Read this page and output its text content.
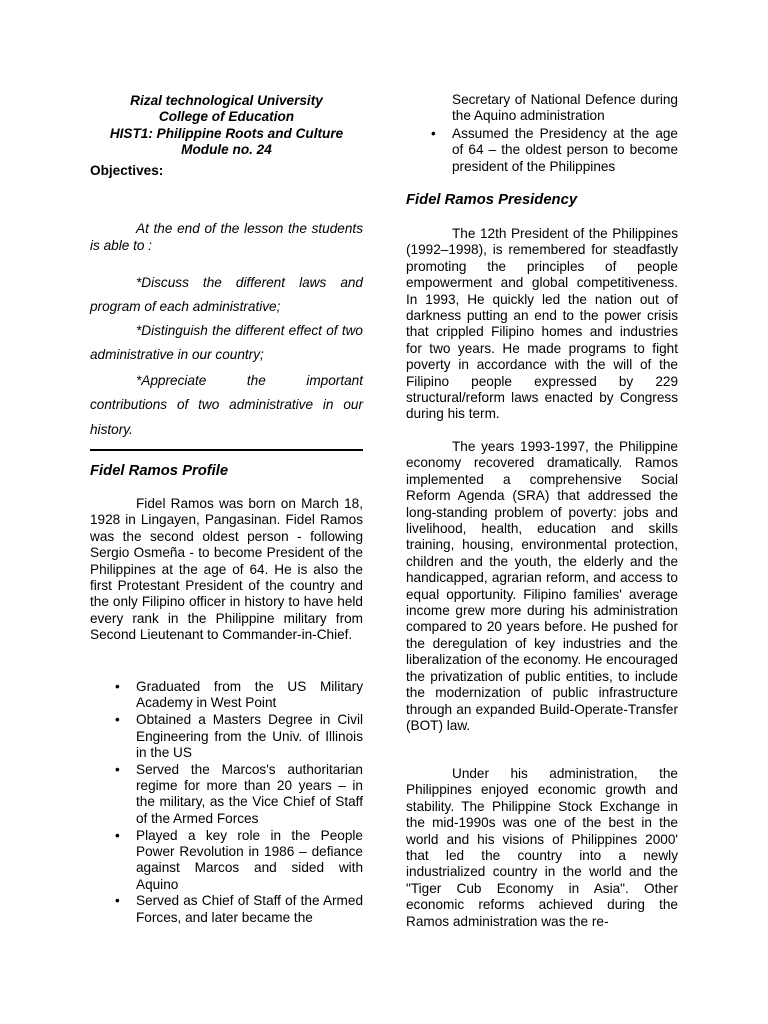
Rizal technological University
College of Education
HIST1: Philippine Roots and Culture
Module no. 24
Objectives:

At the end of the lesson the students is able to :

*Discuss the different laws and program of each administrative;

*Distinguish the different effect of two administrative in our country;

*Appreciate the important contributions of two administrative in our history.

Fidel Ramos Profile

Fidel Ramos was born on March 18, 1928 in Lingayen, Pangasinan. Fidel Ramos was the second oldest person - following Sergio Osmeña - to become President of the Philippines at the age of 64. He is also the first Protestant President of the country and the only Filipino officer in history to have held every rank in the Philippine military from Second Lieutenant to Commander-in-Chief.

• Graduated from the US Military Academy in West Point
• Obtained a Masters Degree in Civil Engineering from the Univ. of Illinois in the US
• Served the Marcos's authoritarian regime for more than 20 years – in the military, as the Vice Chief of Staff of the Armed Forces
• Played a key role in the People Power Revolution in 1986 – defiance against Marcos and sided with Aquino
• Served as Chief of Staff of the Armed Forces, and later became the
Secretary of National Defence during the Aquino administration
• Assumed the Presidency at the age of 64 – the oldest person to become president of the Philippines
Fidel Ramos Presidency

The 12th President of the Philippines (1992–1998), is remembered for steadfastly promoting the principles of people empowerment and global competitiveness. In 1993, He quickly led the nation out of darkness putting an end to the power crisis that crippled Filipino homes and industries for two years. He made programs to fight poverty in accordance with the will of the Filipino people expressed by 229 structural/reform laws enacted by Congress during his term.

The years 1993-1997, the Philippine economy recovered dramatically. Ramos implemented a comprehensive Social Reform Agenda (SRA) that addressed the long-standing problem of poverty: jobs and livelihood, health, education and skills training, housing, environmental protection, children and the youth, the elderly and the handicapped, agrarian reform, and access to equal opportunity. Filipino families' average income grew more during his administration compared to 20 years before. He pushed for the deregulation of key industries and the liberalization of the economy. He encouraged the privatization of public entities, to include the modernization of public infrastructure through an expanded Build-Operate-Transfer (BOT) law.

Under his administration, the Philippines enjoyed economic growth and stability. The Philippine Stock Exchange in the mid-1990s was one of the best in the world and his visions of Philippines 2000' that led the country into a newly industrialized country in the world and the "Tiger Cub Economy in Asia". Other economic reforms achieved during the Ramos administration was the re-
